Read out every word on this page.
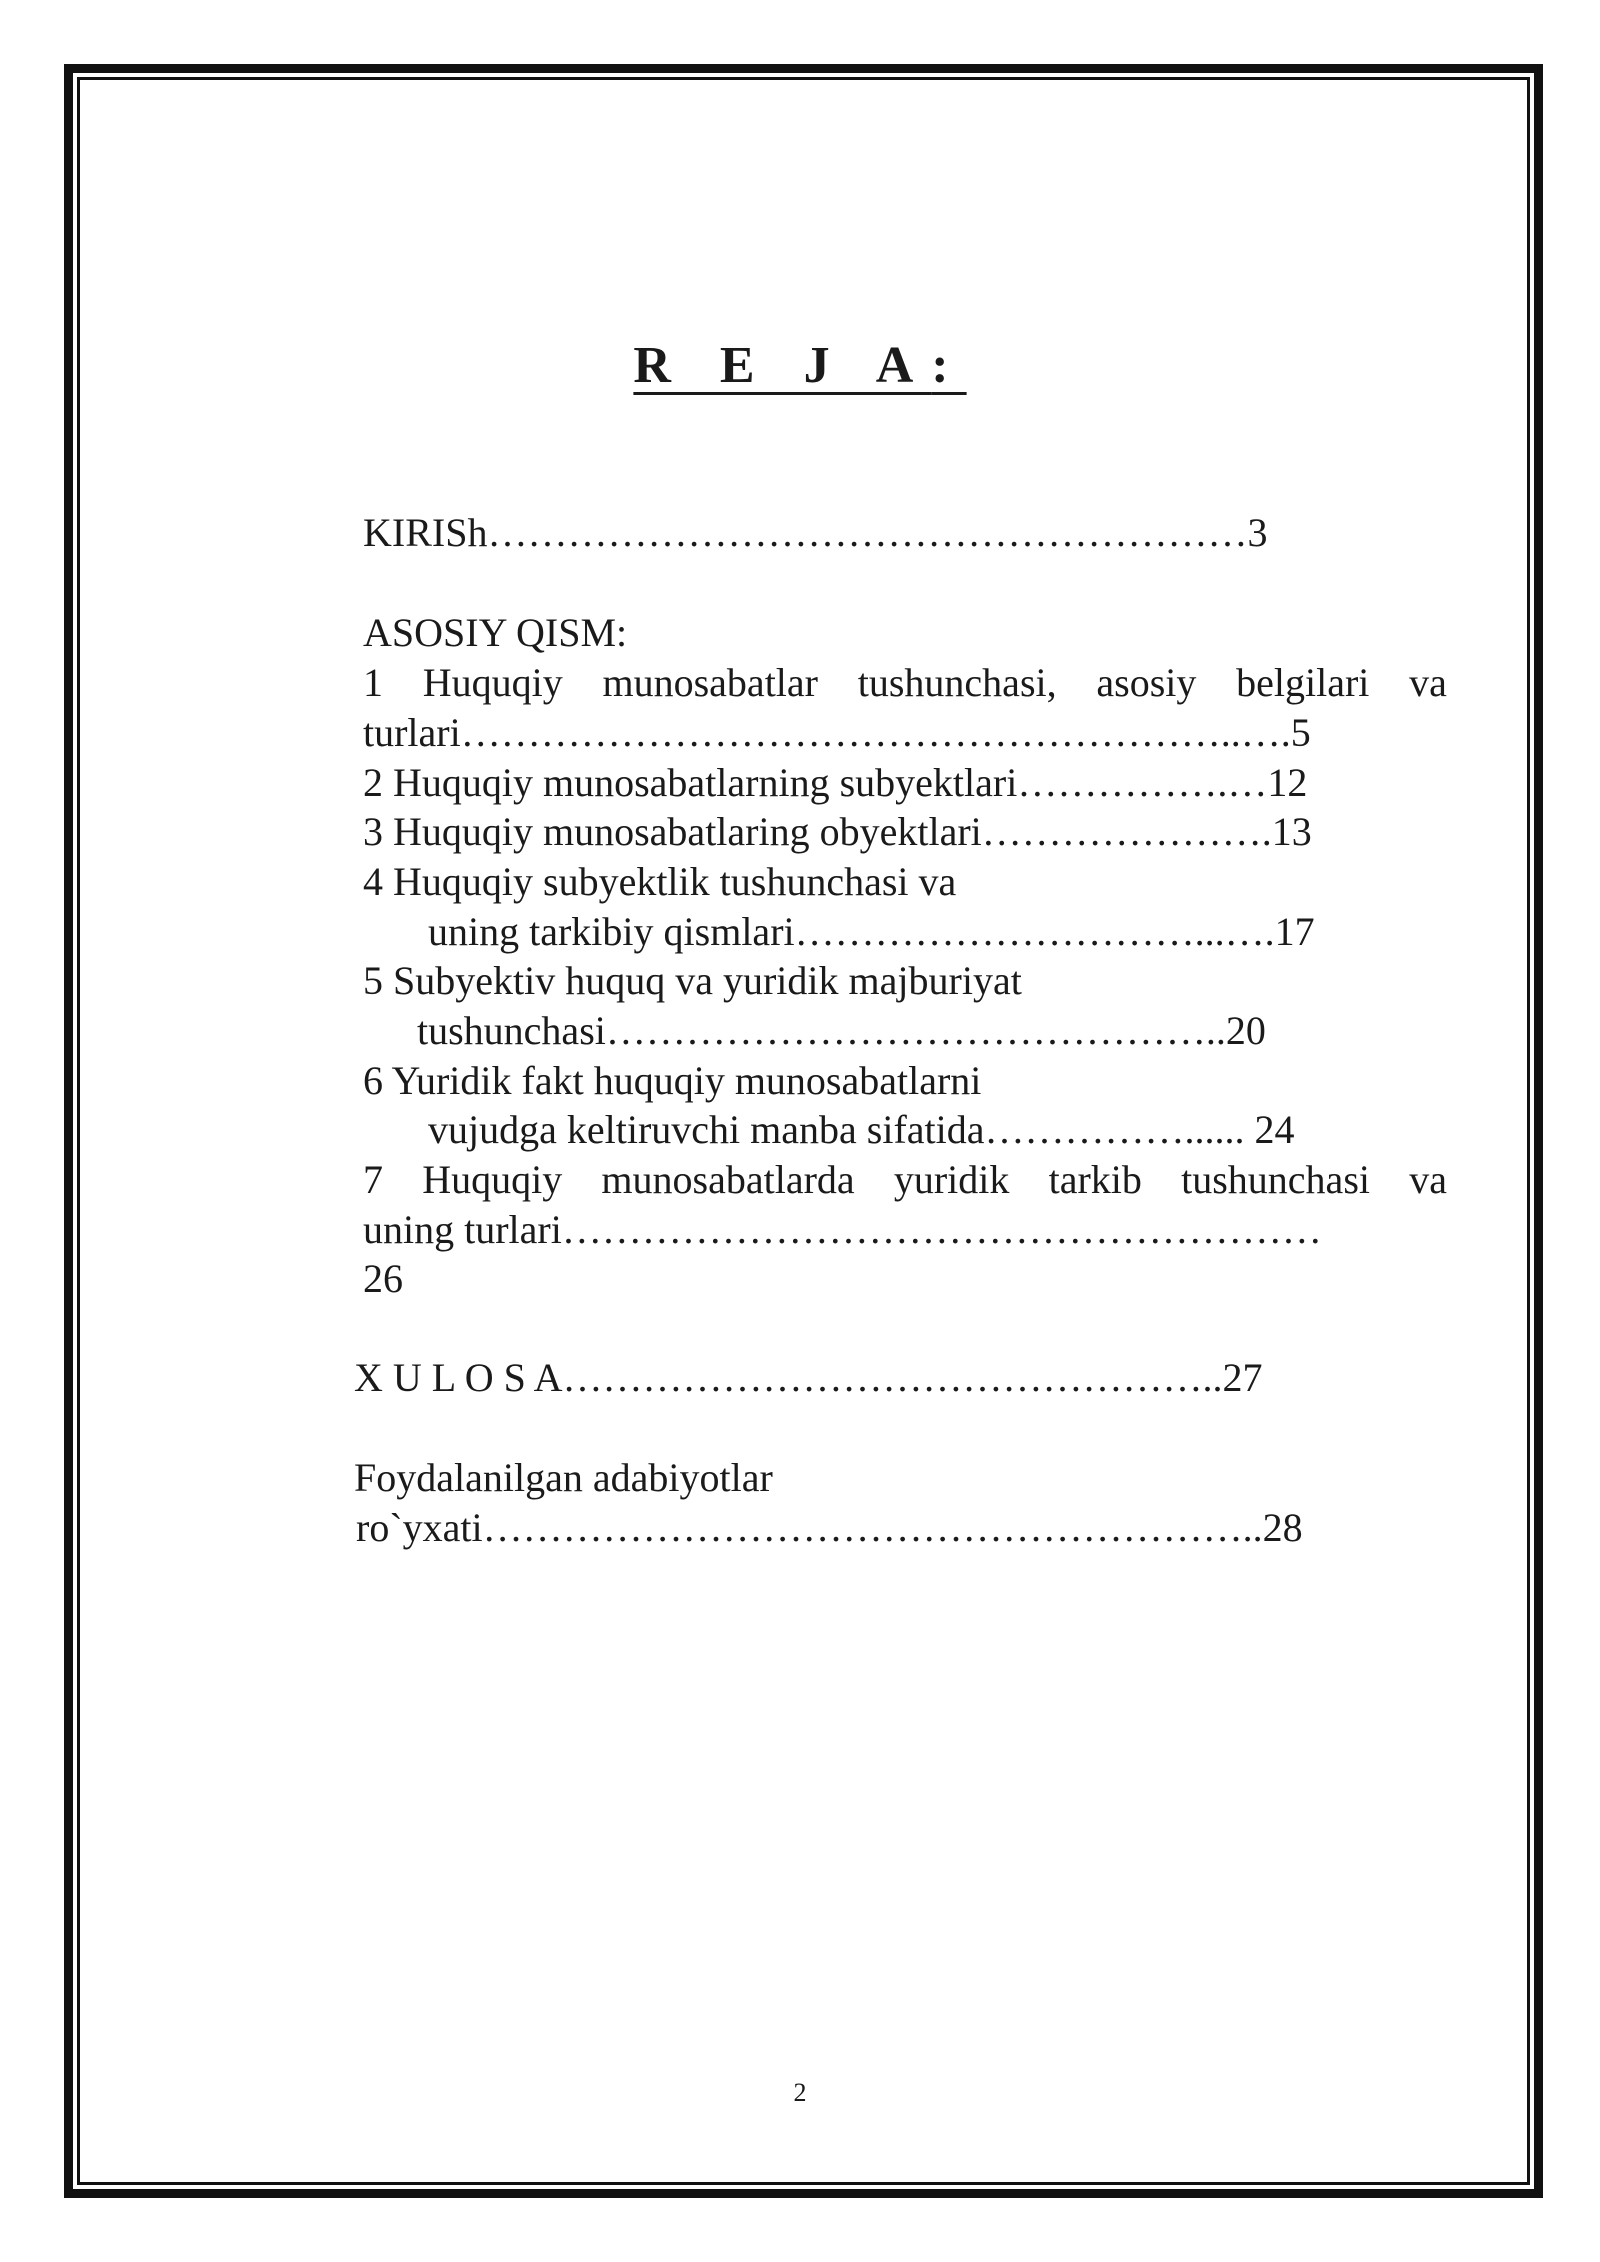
R E J A:

KIRISh…………………………………………………3

ASOSIY QISM:

1 Huquqiy munosabatlar tushunchasi, asosiy belgilari va

turlari…………………………………………………..….5

2 Huquqiy munosabatlarning subyektlari…………….…12

3 Huquqiy munosabatlaring obyektlari………………….13

4 Huquqiy subyektlik tushunchasi va

uning tarkibiy qismlari…………………………...….17

5 Subyektiv huquq va yuridik majburiyat

tushunchasi………………………………………..20

6 Yuridik fakt huquqiy munosabatlarni

vujudga keltiruvchi manba sifatida……………...... 24

7 Huquqiy munosabatlarda yuridik tarkib tushunchasi va

uning turlari…………………………………………………

26

X U L O S A…………………………………………..27

Foydalanilgan adabiyotlar

ro`yxati…………………………………………………..28

2
